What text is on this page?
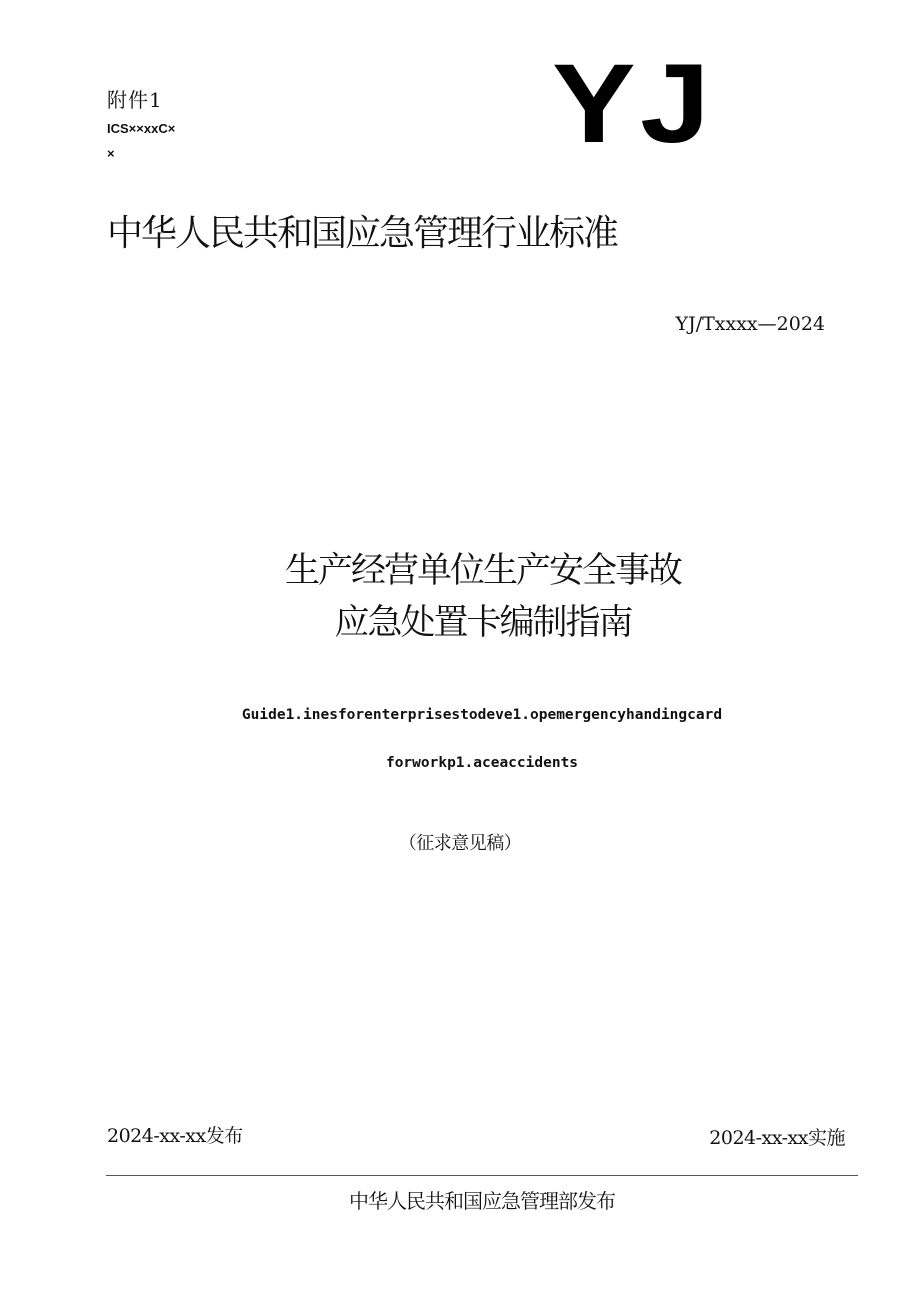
附件1
ICS××xxC×
×	YJ
中华人民共和国应急管理行业标准
YJ/Txxxx—2024
生产经营单位生产安全事故
应急处置卡编制指南
Guide1.inesforenterprisestodeve1.opemergencyhandingcard
forworkp1.aceaccidents
（征求意见稿）
2024-xx-xx发布	2024-xx-xx实施
中华人民共和国应急管理部发布
